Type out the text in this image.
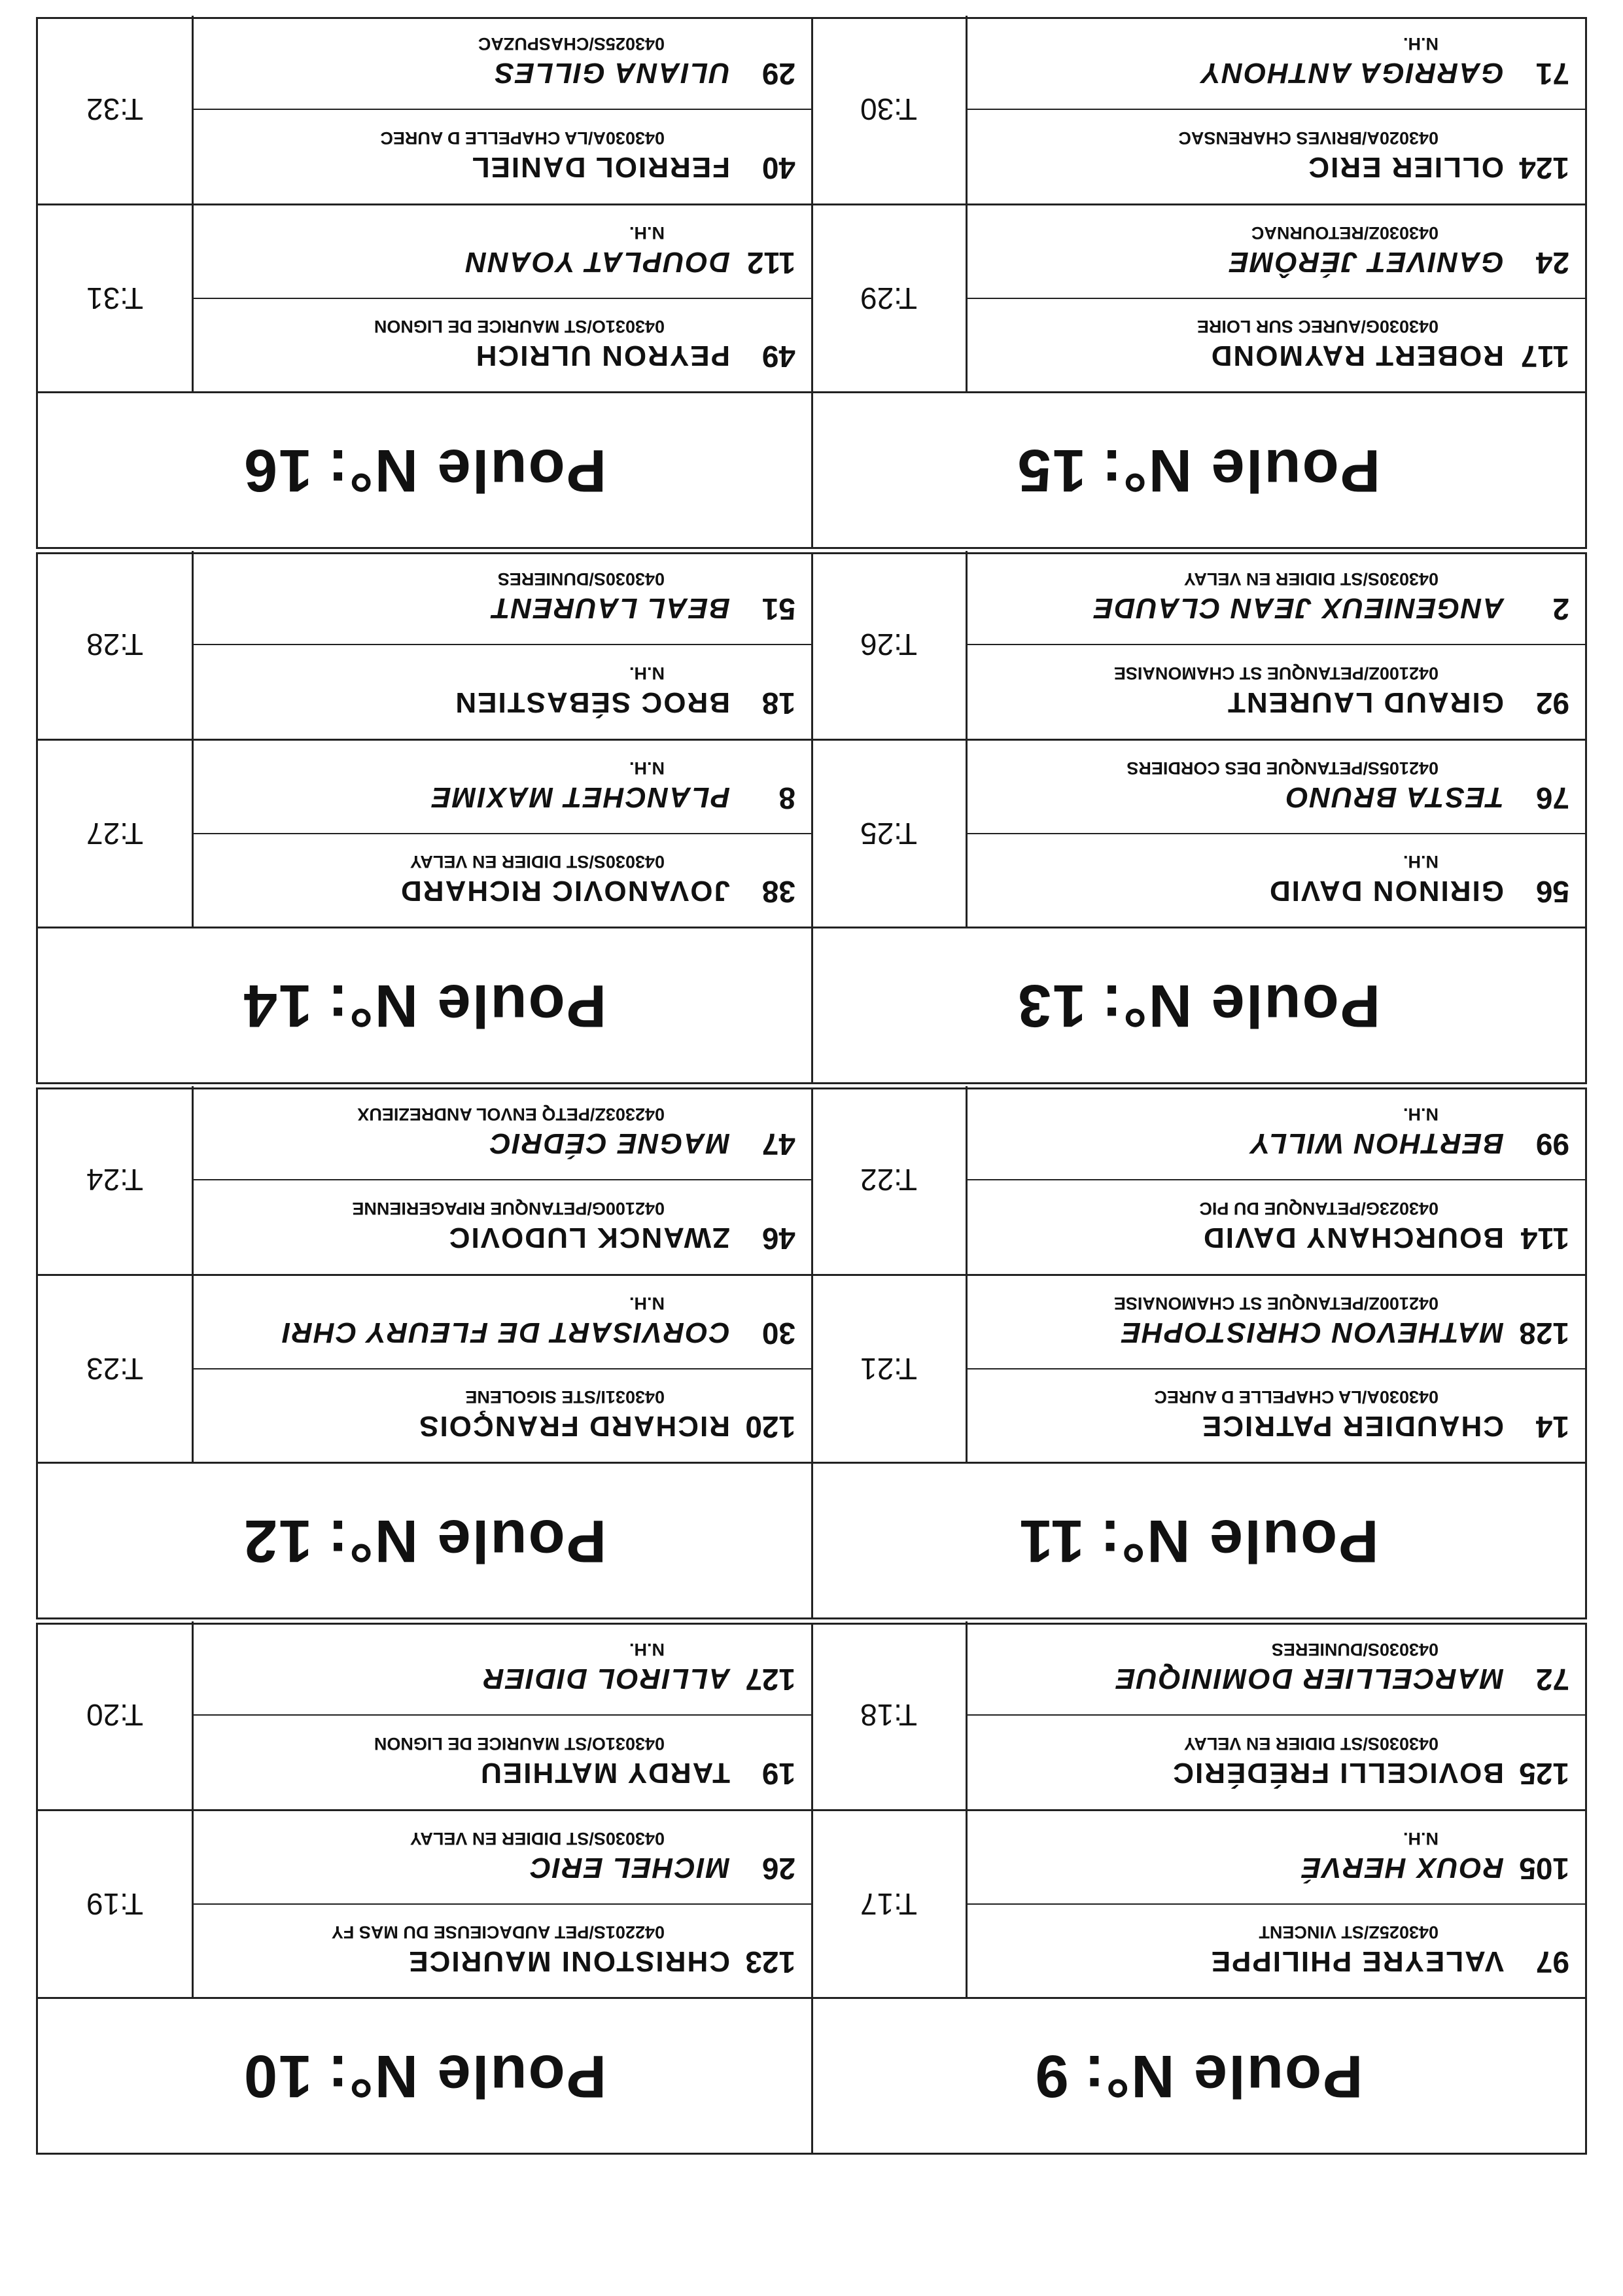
Poule N°:
9
97
VALEYRE PHILIPPE
043025Z/ST VINCENT
105
ROUX HERVÉ
N.H.
T:17
125
BOVICELLI FRÉDÉRIC
043030S/ST DIDIER EN VELAY
72
MARCELLIER DOMINIQUE
043030S/DUNIERES
T:18
Poule N°:
10
123
CHRISTONI MAURICE
042201S/PET AUDACIEUSE DU MAS FY
26
MICHEL ERIC
043030S/ST DIDIER EN VELAY
T:19
19
TARDY MATHIEU
043031O/ST MAURICE DE LIGNON
127
ALLIROL DIDIER
N.H.
T:20
Poule N°:
11
14
CHAUDIER PATRICE
043030A/LA CHAPELLE D AUREC
128
MATHEVON CHRISTOPHE
042100Z/PETANQUE ST CHAMONAISE
T:21
114
BOURCHANY DAVID
043023G/PETANQUE DU PIC
99
BERTHON WILLY
N.H.
T:22
Poule N°:
12
120
RICHARD FRANÇOIS
043031I/STE SIGOLENE
30
CORVISART DE FLEURY CHRI
N.H.
T:23
46
ZWANCK LUDOVIC
042100G/PETANQUE RIPAGERIENNE
47
MAGNE CÉDRIC
042303Z/PETQ ENVOL ANDREZIEUX
T:24
Poule N°:
13
56
GIRINON DAVID
N.H.
76
TESTA BRUNO
042105S/PETANQUE DES CORDIERS
T:25
92
GIRAUD LAURENT
042100Z/PETANQUE ST CHAMONAISE
2
ANGENIEUX JEAN CLAUDE
043030S/ST DIDIER EN VELAY
T:26
Poule N°:
14
38
JOVANOVIC RICHARD
043030S/ST DIDIER EN VELAY
8
PLANCHET MAXIME
N.H.
T:27
18
BROC SÉBASTIEN
N.H.
51
BEAL LAURENT
043030S/DUNIERES
T:28
Poule N°:
15
117
ROBERT RAYMOND
043030G/AUREC SUR LOIRE
24
GANIVET JÉRÔME
043030Z/RETOURNAC
T:29
124
OLLIER ERIC
043020A/BRIVES CHARENSAC
71
GARRIGA ANTHONY
N.H.
T:30
Poule N°:
16
49
PEYRON ULRICH
043031O/ST MAURICE DE LIGNON
112
DOUPLAT YOANN
N.H.
T:31
40
FERRIOL DANIEL
043030A/LA CHAPELLE D AUREC
29
ULIANA GILLES
043025S/CHASPUZAC
T:32
